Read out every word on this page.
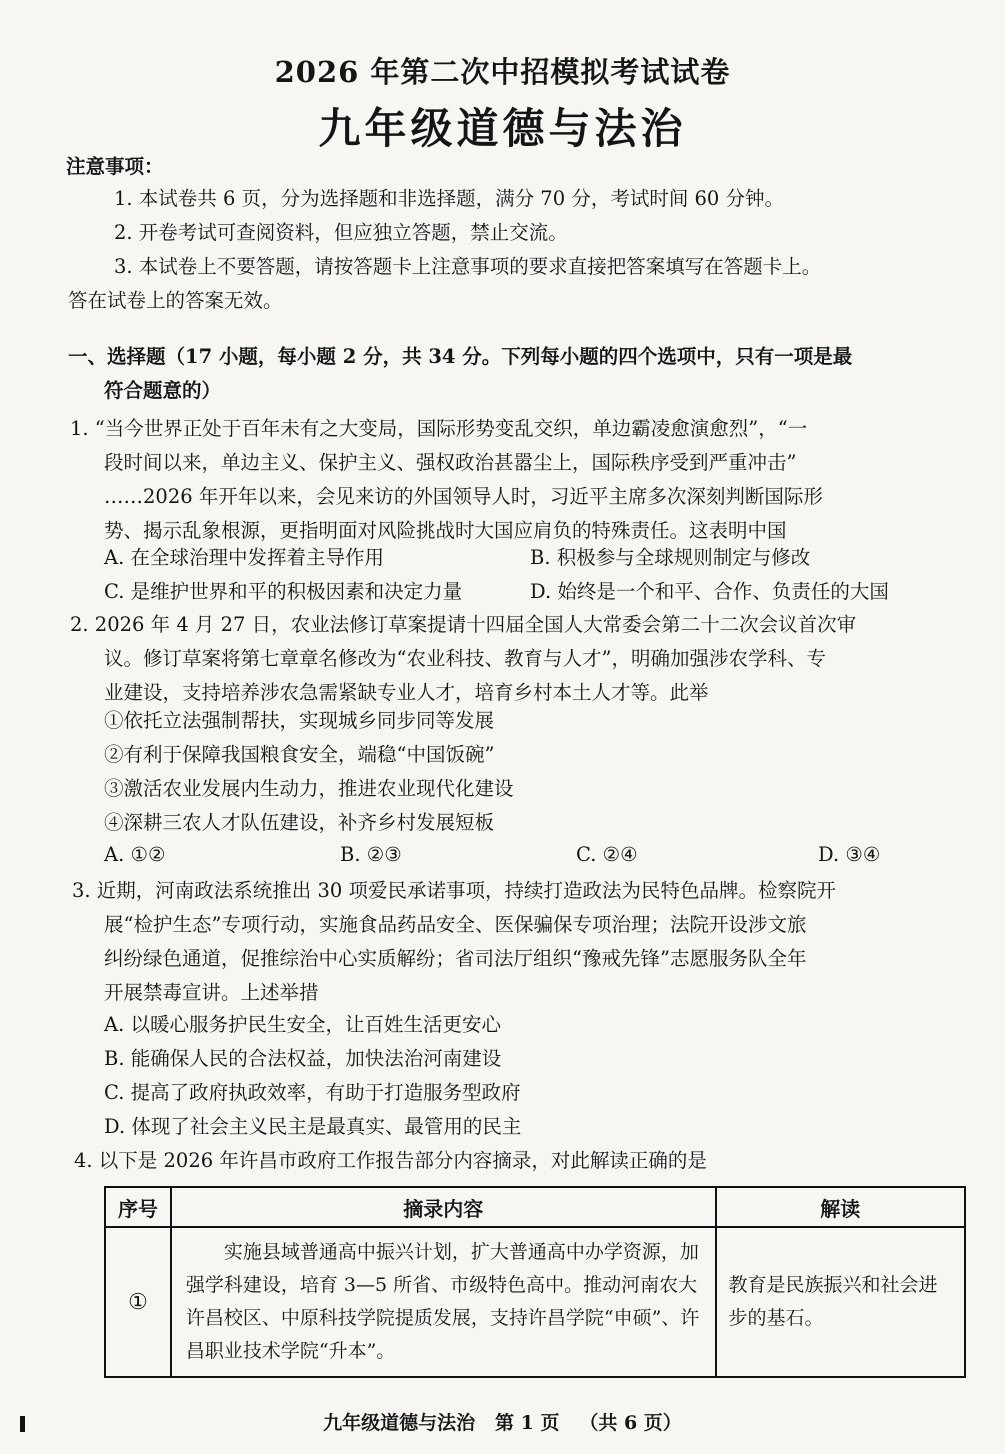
2026 年第二次中招模拟考试试卷
九年级道德与法治
注意事项：
1. 本试卷共 6 页，分为选择题和非选择题，满分 70 分，考试时间 60 分钟。
2. 开卷考试可查阅资料，但应独立答题，禁止交流。
3. 本试卷上不要答题，请按答题卡上注意事项的要求直接把答案填写在答题卡上。
答在试卷上的答案无效。
一、选择题（17 小题，每小题 2 分，共 34 分。下列每小题的四个选项中，只有一项是最
符合题意的）
1. “当今世界正处于百年未有之大变局，国际形势变乱交织，单边霸凌愈演愈烈”，“一
段时间以来，单边主义、保护主义、强权政治甚嚣尘上，国际秩序受到严重冲击”
……2026 年开年以来，会见来访的外国领导人时，习近平主席多次深刻判断国际形
势、揭示乱象根源，更指明面对风险挑战时大国应肩负的特殊责任。这表明中国
A. 在全球治理中发挥着主导作用	B. 积极参与全球规则制定与修改
C. 是维护世界和平的积极因素和决定力量	D. 始终是一个和平、合作、负责任的大国
2. 2026 年 4 月 27 日，农业法修订草案提请十四届全国人大常委会第二十二次会议首次审
议。修订草案将第七章章名修改为“农业科技、教育与人才”，明确加强涉农学科、专
业建设，支持培养涉农急需紧缺专业人才，培育乡村本土人才等。此举
①依托立法强制帮扶，实现城乡同步同等发展
②有利于保障我国粮食安全，端稳“中国饭碗”
③激活农业发展内生动力，推进农业现代化建设
④深耕三农人才队伍建设，补齐乡村发展短板
A. ①②	B. ②③	C. ②④	D. ③④
3. 近期，河南政法系统推出 30 项爱民承诺事项，持续打造政法为民特色品牌。检察院开
展“检护生态”专项行动，实施食品药品安全、医保骗保专项治理；法院开设涉文旅
纠纷绿色通道，促推综治中心实质解纷；省司法厅组织“豫戒先锋”志愿服务队全年
开展禁毒宣讲。上述举措
A. 以暖心服务护民生安全，让百姓生活更安心
B. 能确保人民的合法权益，加快法治河南建设
C. 提高了政府执政效率，有助于打造服务型政府
D. 体现了社会主义民主是最真实、最管用的民主
4. 以下是 2026 年许昌市政府工作报告部分内容摘录，对此解读正确的是
序号	摘录内容	解读
①	实施县域普通高中振兴计划，扩大普通高中办学资源，加强学科建设，培育 3—5 所省、市级特色高中。推动河南农大许昌校区、中原科技学院提质发展，支持许昌学院“申硕”、许昌职业技术学院“升本”。	教育是民族振兴和社会进步的基石。
九年级道德与法治 第 1 页 （共 6 页）
